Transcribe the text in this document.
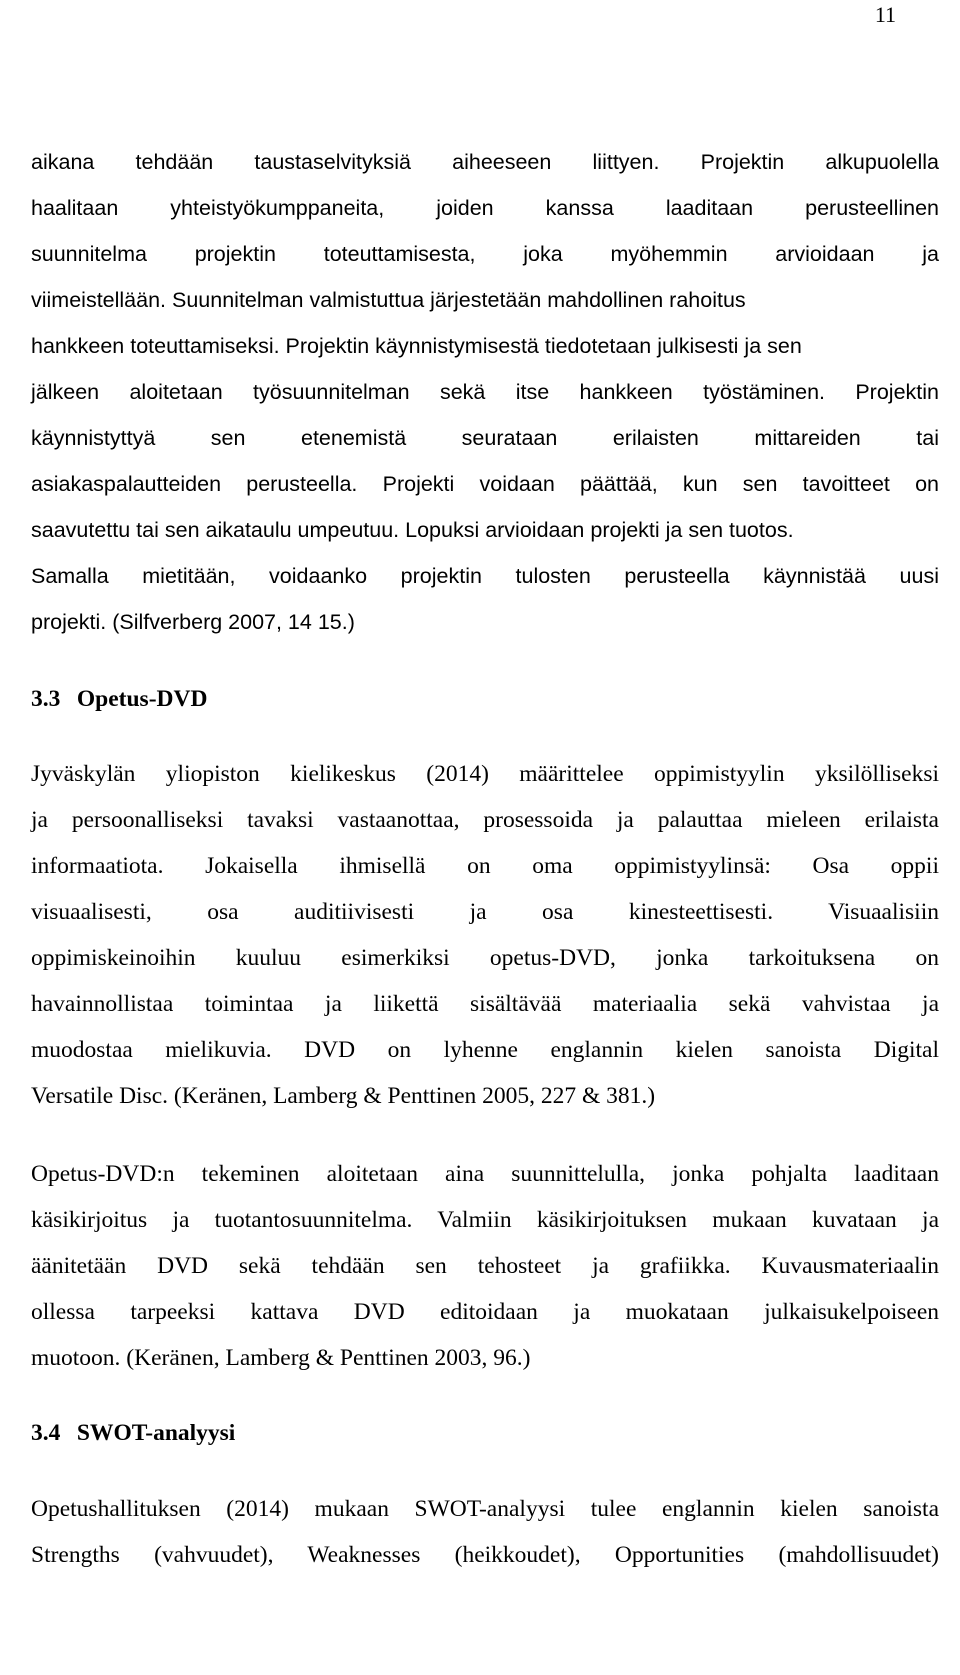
11
aikana tehdään taustaselvityksiä aiheeseen liittyen. Projektin alkupuolella
haalitaan yhteistyökumppaneita, joiden kanssa laaditaan perusteellinen
suunnitelma projektin toteuttamisesta, joka myöhemmin arvioidaan ja
viimeistellään. Suunnitelman valmistuttua järjestetään mahdollinen rahoitus
hankkeen toteuttamiseksi. Projektin käynnistymisestä tiedotetaan julkisesti ja sen
jälkeen aloitetaan työsuunnitelman sekä itse hankkeen työstäminen. Projektin
käynnistyttyä sen etenemistä seurataan erilaisten mittareiden tai
asiakaspalautteiden perusteella. Projekti voidaan päättää, kun sen tavoitteet on
saavutettu tai sen aikataulu umpeutuu. Lopuksi arvioidaan projekti ja sen tuotos.
Samalla mietitään, voidaanko projektin tulosten perusteella käynnistää uusi
projekti. (Silfverberg 2007, 14 15.)
3.3 Opetus-DVD
Jyväskylän yliopiston kielikeskus (2014) määrittelee oppimistyylin yksilölliseksi
ja persoonalliseksi tavaksi vastaanottaa, prosessoida ja palauttaa mieleen erilaista
informaatiota. Jokaisella ihmisellä on oma oppimistyylinsä: Osa oppii
visuaalisesti, osa auditiivisesti ja osa kinesteettisesti. Visuaalisiin
oppimiskeinoihin kuuluu esimerkiksi opetus-DVD, jonka tarkoituksena on
havainnollistaa toimintaa ja liikettä sisältävää materiaalia sekä vahvistaa ja
muodostaa mielikuvia. DVD on lyhenne englannin kielen sanoista Digital
Versatile Disc. (Keränen, Lamberg & Penttinen 2005, 227 & 381.)
Opetus-DVD:n tekeminen aloitetaan aina suunnittelulla, jonka pohjalta laaditaan
käsikirjoitus ja tuotantosuunnitelma. Valmiin käsikirjoituksen mukaan kuvataan ja
äänitetään DVD sekä tehdään sen tehosteet ja grafiikka. Kuvausmateriaalin
ollessa tarpeeksi kattava DVD editoidaan ja muokataan julkaisukelpoiseen
muotoon. (Keränen, Lamberg & Penttinen 2003, 96.)
3.4 SWOT-analyysi
Opetushallituksen (2014) mukaan SWOT-analyysi tulee englannin kielen sanoista
Strengths (vahvuudet), Weaknesses (heikkoudet), Opportunities (mahdollisuudet)
